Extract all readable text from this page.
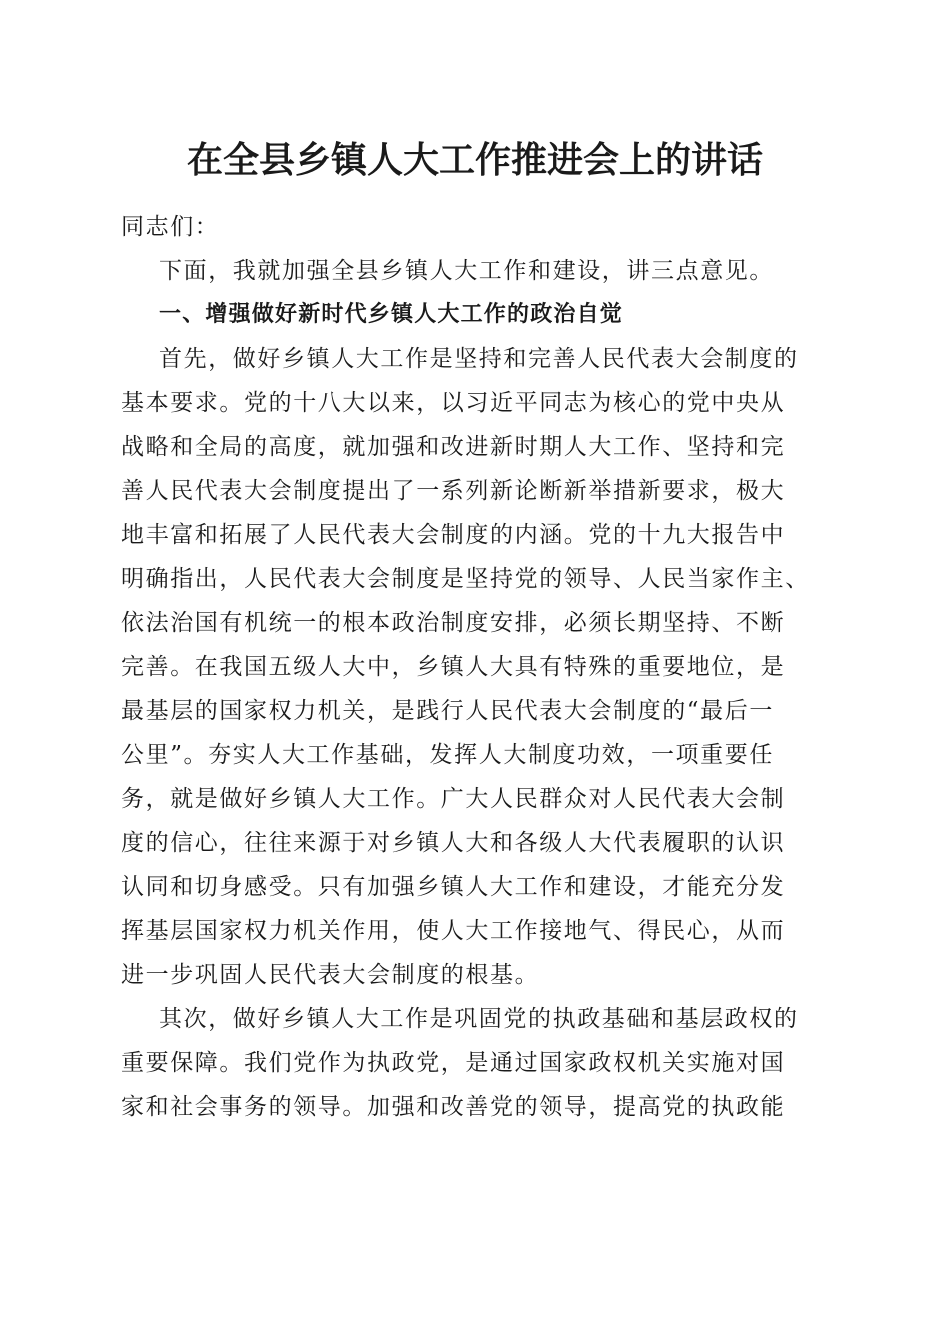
在全县乡镇人大工作推进会上的讲话
同志们：
下面，我就加强全县乡镇人大工作和建设，讲三点意见。
一、增强做好新时代乡镇人大工作的政治自觉
首先，做好乡镇人大工作是坚持和完善人民代表大会制度的
基本要求。党的十八大以来，以习近平同志为核心的党中央从
战略和全局的高度，就加强和改进新时期人大工作、坚持和完
善人民代表大会制度提出了一系列新论断新举措新要求，极大
地丰富和拓展了人民代表大会制度的内涵。党的十九大报告中
明确指出，人民代表大会制度是坚持党的领导、人民当家作主、
依法治国有机统一的根本政治制度安排，必须长期坚持、不断
完善。在我国五级人大中，乡镇人大具有特殊的重要地位，是
最基层的国家权力机关，是践行人民代表大会制度的“最后一
公里”。夯实人大工作基础，发挥人大制度功效，一项重要任
务，就是做好乡镇人大工作。广大人民群众对人民代表大会制
度的信心，往往来源于对乡镇人大和各级人大代表履职的认识
认同和切身感受。只有加强乡镇人大工作和建设，才能充分发
挥基层国家权力机关作用，使人大工作接地气、得民心，从而
进一步巩固人民代表大会制度的根基。
其次，做好乡镇人大工作是巩固党的执政基础和基层政权的
重要保障。我们党作为执政党，是通过国家政权机关实施对国
家和社会事务的领导。加强和改善党的领导，提高党的执政能
